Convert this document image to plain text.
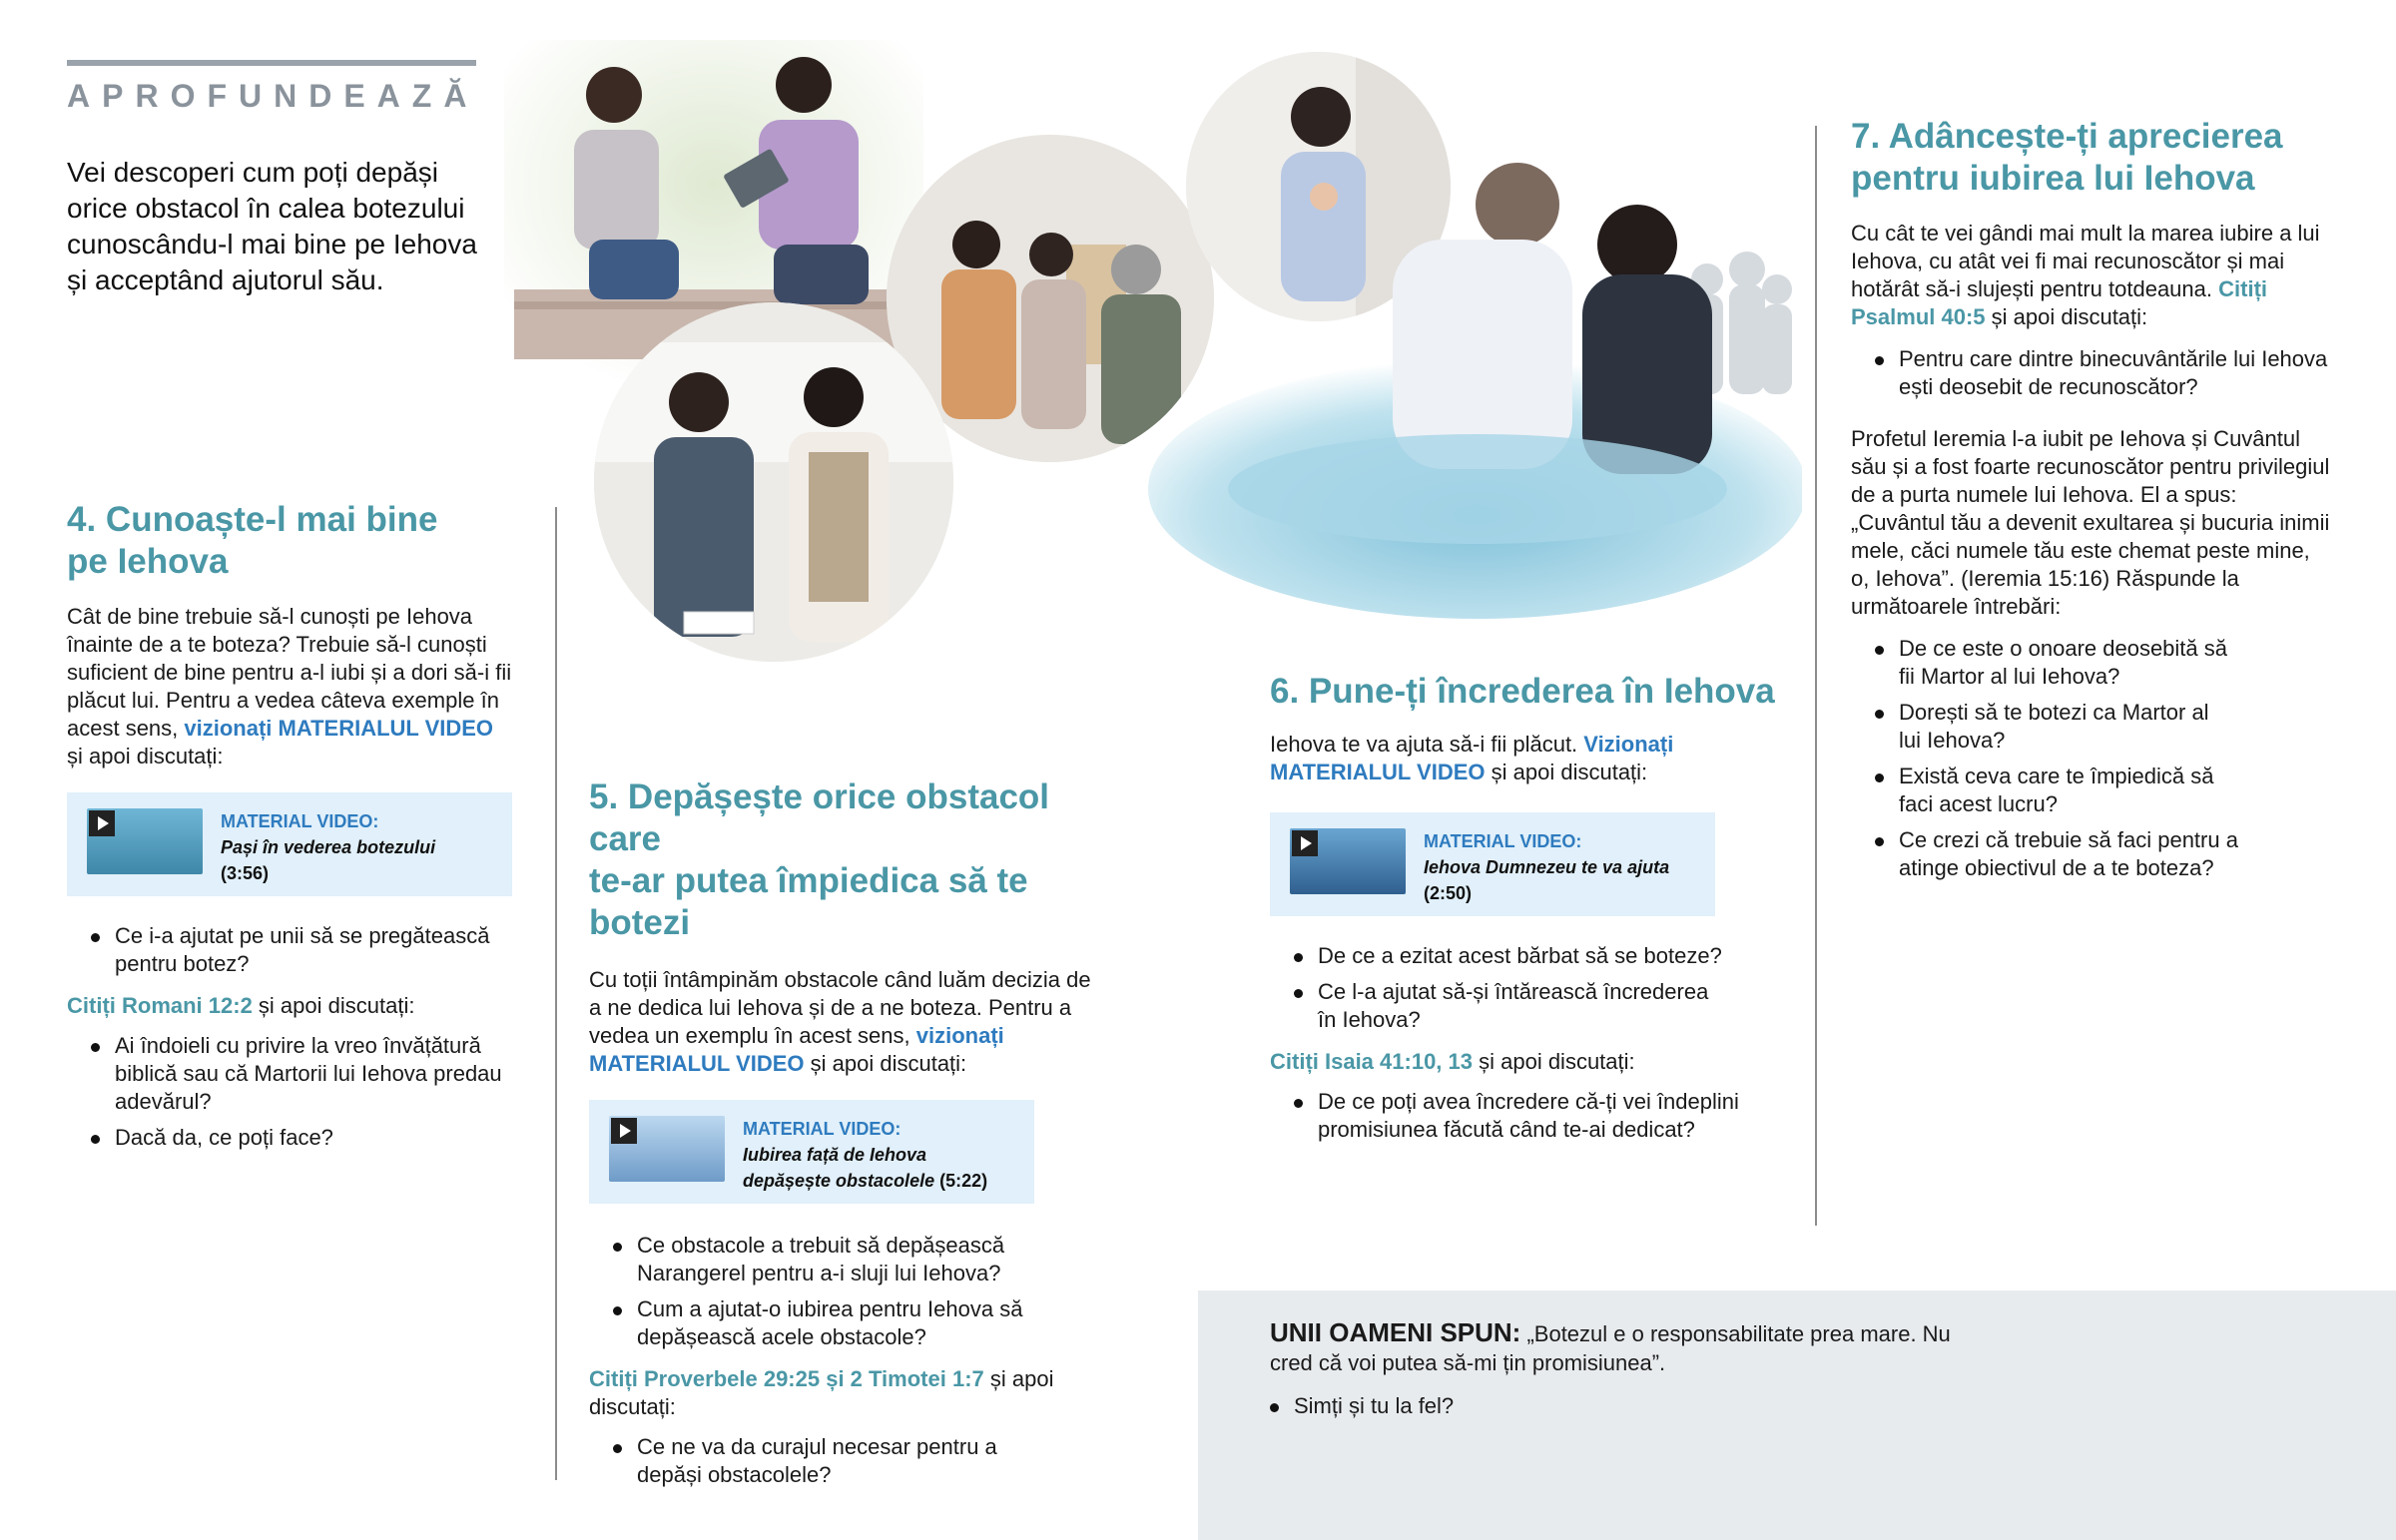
APROFUNDEAZĂ
Vei descoperi cum poți depăși orice obstacol în calea botezului cunoscându-l mai bine pe Iehova și acceptând ajutorul său.
4. Cunoaște-l mai bine
pe Iehova

Cât de bine trebuie să-l cunoști pe Iehova înainte de a te boteza? Trebuie să-l cunoști suficient de bine pentru a-l iubi și a dori să-i fii plăcut lui. Pentru a vedea câteva exemple în acest sens, vizionați MATERIALUL VIDEO și apoi discutați:

MATERIAL VIDEO:
Pași în vederea botezului
(3:56)
Ce i-a ajutat pe unii să se pregătească pentru botez?

Citiți Romani 12:2 și apoi discutați:

Ai îndoieli cu privire la vreo învățătură biblică sau că Martorii lui Iehova predau adevărul?
Dacă da, ce poți face?
5. Depășește orice obstacol care
te-ar putea împiedica să te botezi

Cu toții întâmpinăm obstacole când luăm decizia de a ne dedica lui Iehova și de a ne boteza. Pentru a vedea un exemplu în acest sens, vizionați MATERIALUL VIDEO și apoi discutați:

MATERIAL VIDEO:
Iubirea față de Iehova depășește obstacolele (5:22)
Ce obstacole a trebuit să depășească Narangerel pentru a-i sluji lui Iehova?
Cum a ajutat-o iubirea pentru Iehova să depășească acele obstacole?

Citiți Proverbele 29:25 și 2 Timotei 1:7 și apoi discutați:

Ce ne va da curajul necesar pentru a depăși obstacolele?
6. Pune-ți încrederea în Iehova

Iehova te va ajuta să-i fii plăcut. Vizionați MATERIALUL VIDEO și apoi discutați:

MATERIAL VIDEO:
Iehova Dumnezeu te va ajuta
(2:50)
De ce a ezitat acest bărbat să se boteze?
Ce l-a ajutat să-și întărească încrederea în Iehova?

Citiți Isaia 41:10, 13 și apoi discutați:

De ce poți avea încredere că-ți vei îndeplini promisiunea făcută când te-ai dedicat?
7. Adâncește-ți aprecierea
pentru iubirea lui Iehova

Cu cât te vei gândi mai mult la marea iubire a lui Iehova, cu atât vei fi mai recunoscător și mai hotărât să-i slujești pentru totdeauna. Citiți Psalmul 40:5 și apoi discutați:

Pentru care dintre binecuvântările lui Iehova ești deosebit de recunoscător?

Profetul Ieremia l-a iubit pe Iehova și Cuvântul său și a fost foarte recunoscător pentru privilegiul de a purta numele lui Iehova. El a spus: „Cuvântul tău a devenit exultarea și bucuria inimii mele, căci numele tău este chemat peste mine, o, Iehova”. (Ieremia 15:16) Răspunde la următoarele întrebări:

De ce este o onoare deosebită să fii Martor al lui Iehova?
Dorești să te botezi ca Martor al lui Iehova?
Există ceva care te împiedică să faci acest lucru?
Ce crezi că trebuie să faci pentru a atinge obiectivul de a te boteza?
UNII OAMENI SPUN: „Botezul e o responsabilitate prea mare. Nu cred că voi putea să-mi țin promisiunea”.
Simți și tu la fel?
